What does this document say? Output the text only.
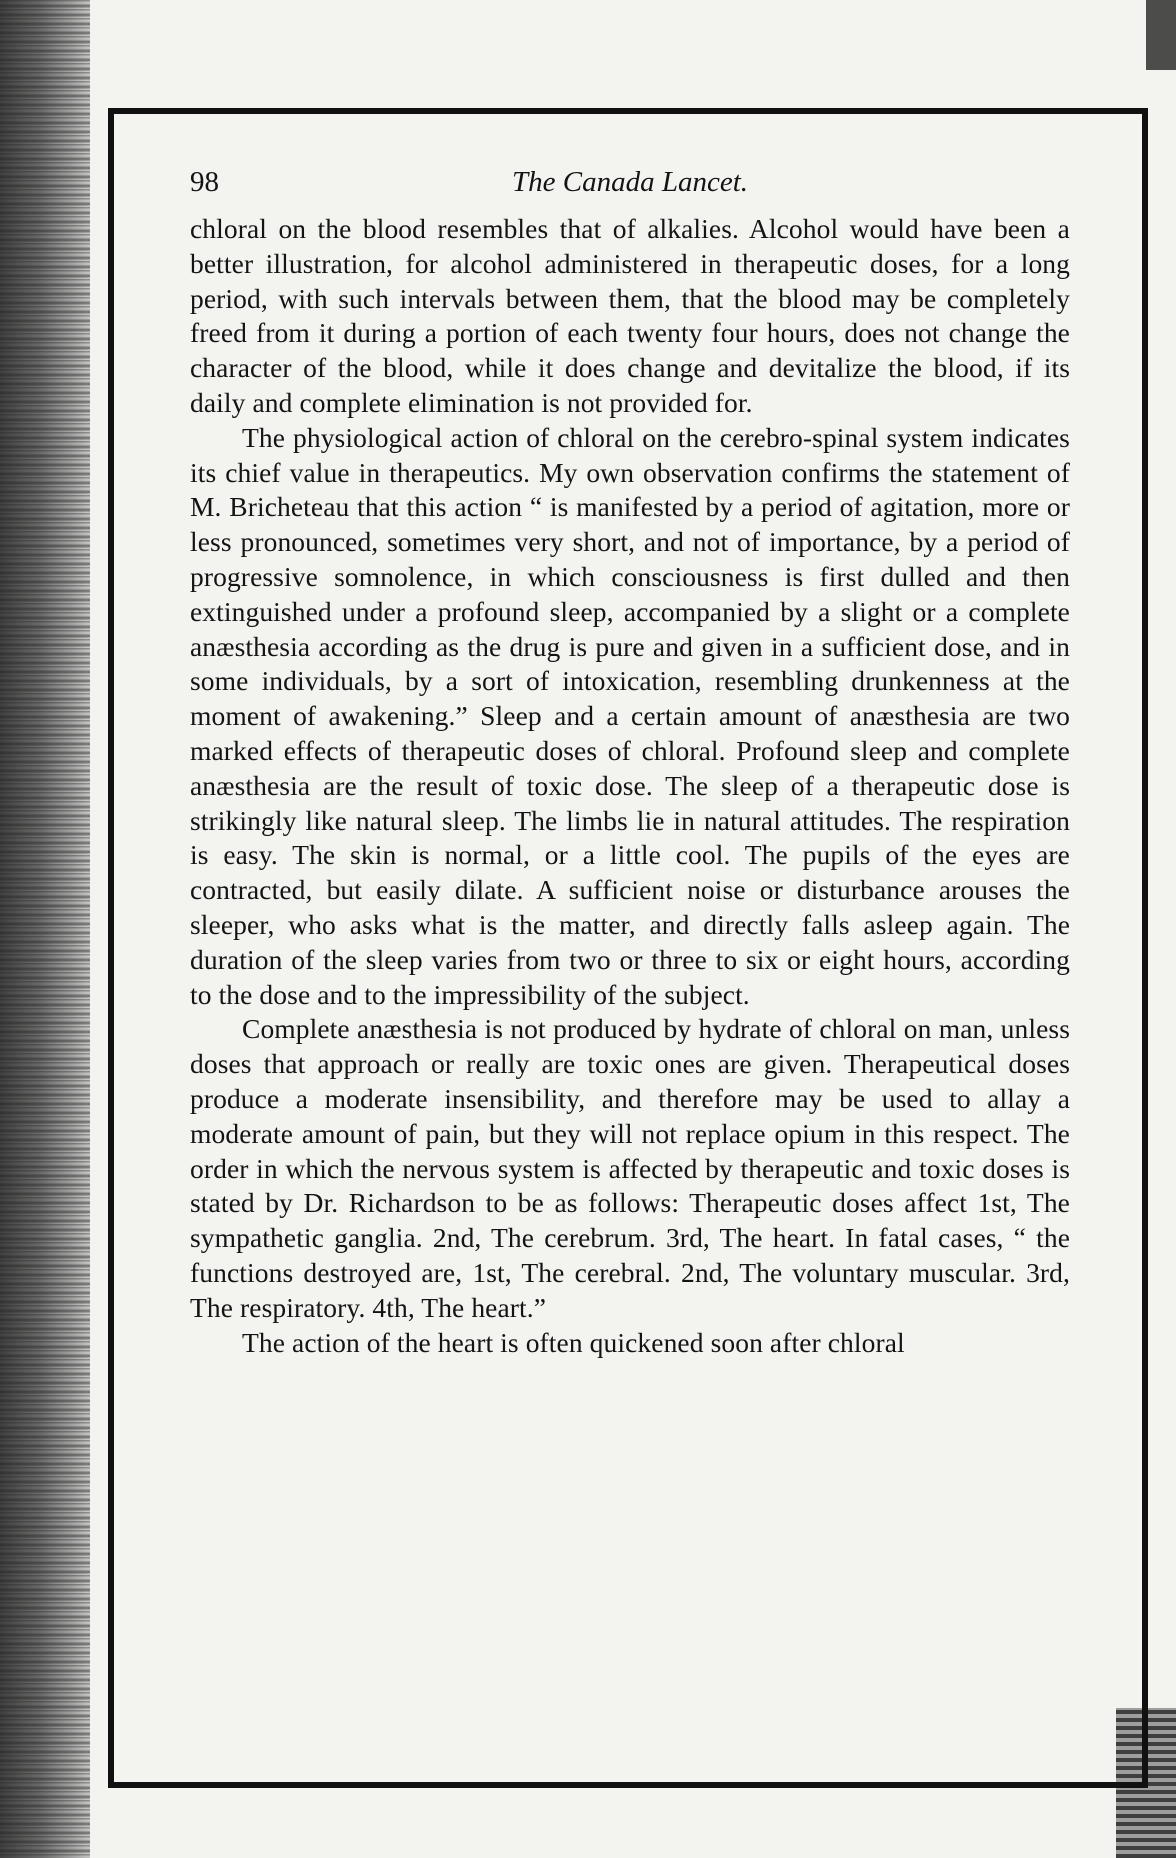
98	The Canada Lancet.

chloral on the blood resembles that of alkalies. Alcohol would have been a better illustration, for alcohol administered in therapeutic doses, for a long period, with such intervals between them, that the blood may be completely freed from it during a portion of each twenty four hours, does not change the character of the blood, while it does change and devitalize the blood, if its daily and complete elimination is not provided for.

The physiological action of chloral on the cerebro-spinal system indicates its chief value in therapeutics. My own observation confirms the statement of M. Bricheteau that this action “ is manifested by a period of agitation, more or less pronounced, sometimes very short, and not of importance, by a period of progressive somnolence, in which consciousness is first dulled and then extinguished under a profound sleep, accompanied by a slight or a complete anæsthesia according as the drug is pure and given in a sufficient dose, and in some individuals, by a sort of intoxication, resembling drunkenness at the moment of awakening.” Sleep and a certain amount of anæsthesia are two marked effects of therapeutic doses of chloral. Profound sleep and complete anæsthesia are the result of toxic dose. The sleep of a therapeutic dose is strikingly like natural sleep. The limbs lie in natural attitudes. The respiration is easy. The skin is normal, or a little cool. The pupils of the eyes are contracted, but easily dilate. A sufficient noise or disturbance arouses the sleeper, who asks what is the matter, and directly falls asleep again. The duration of the sleep varies from two or three to six or eight hours, according to the dose and to the impressibility of the subject.

Complete anæsthesia is not produced by hydrate of chloral on man, unless doses that approach or really are toxic ones are given. Therapeutical doses produce a moderate insensibility, and therefore may be used to allay a moderate amount of pain, but they will not replace opium in this respect. The order in which the nervous system is affected by therapeutic and toxic doses is stated by Dr. Richardson to be as follows: Therapeutic doses affect 1st, The sympathetic ganglia. 2nd, The cerebrum. 3rd, The heart. In fatal cases, “ the functions destroyed are, 1st, The cerebral. 2nd, The voluntary muscular. 3rd, The respiratory. 4th, The heart.”

The action of the heart is often quickened soon after chloral
